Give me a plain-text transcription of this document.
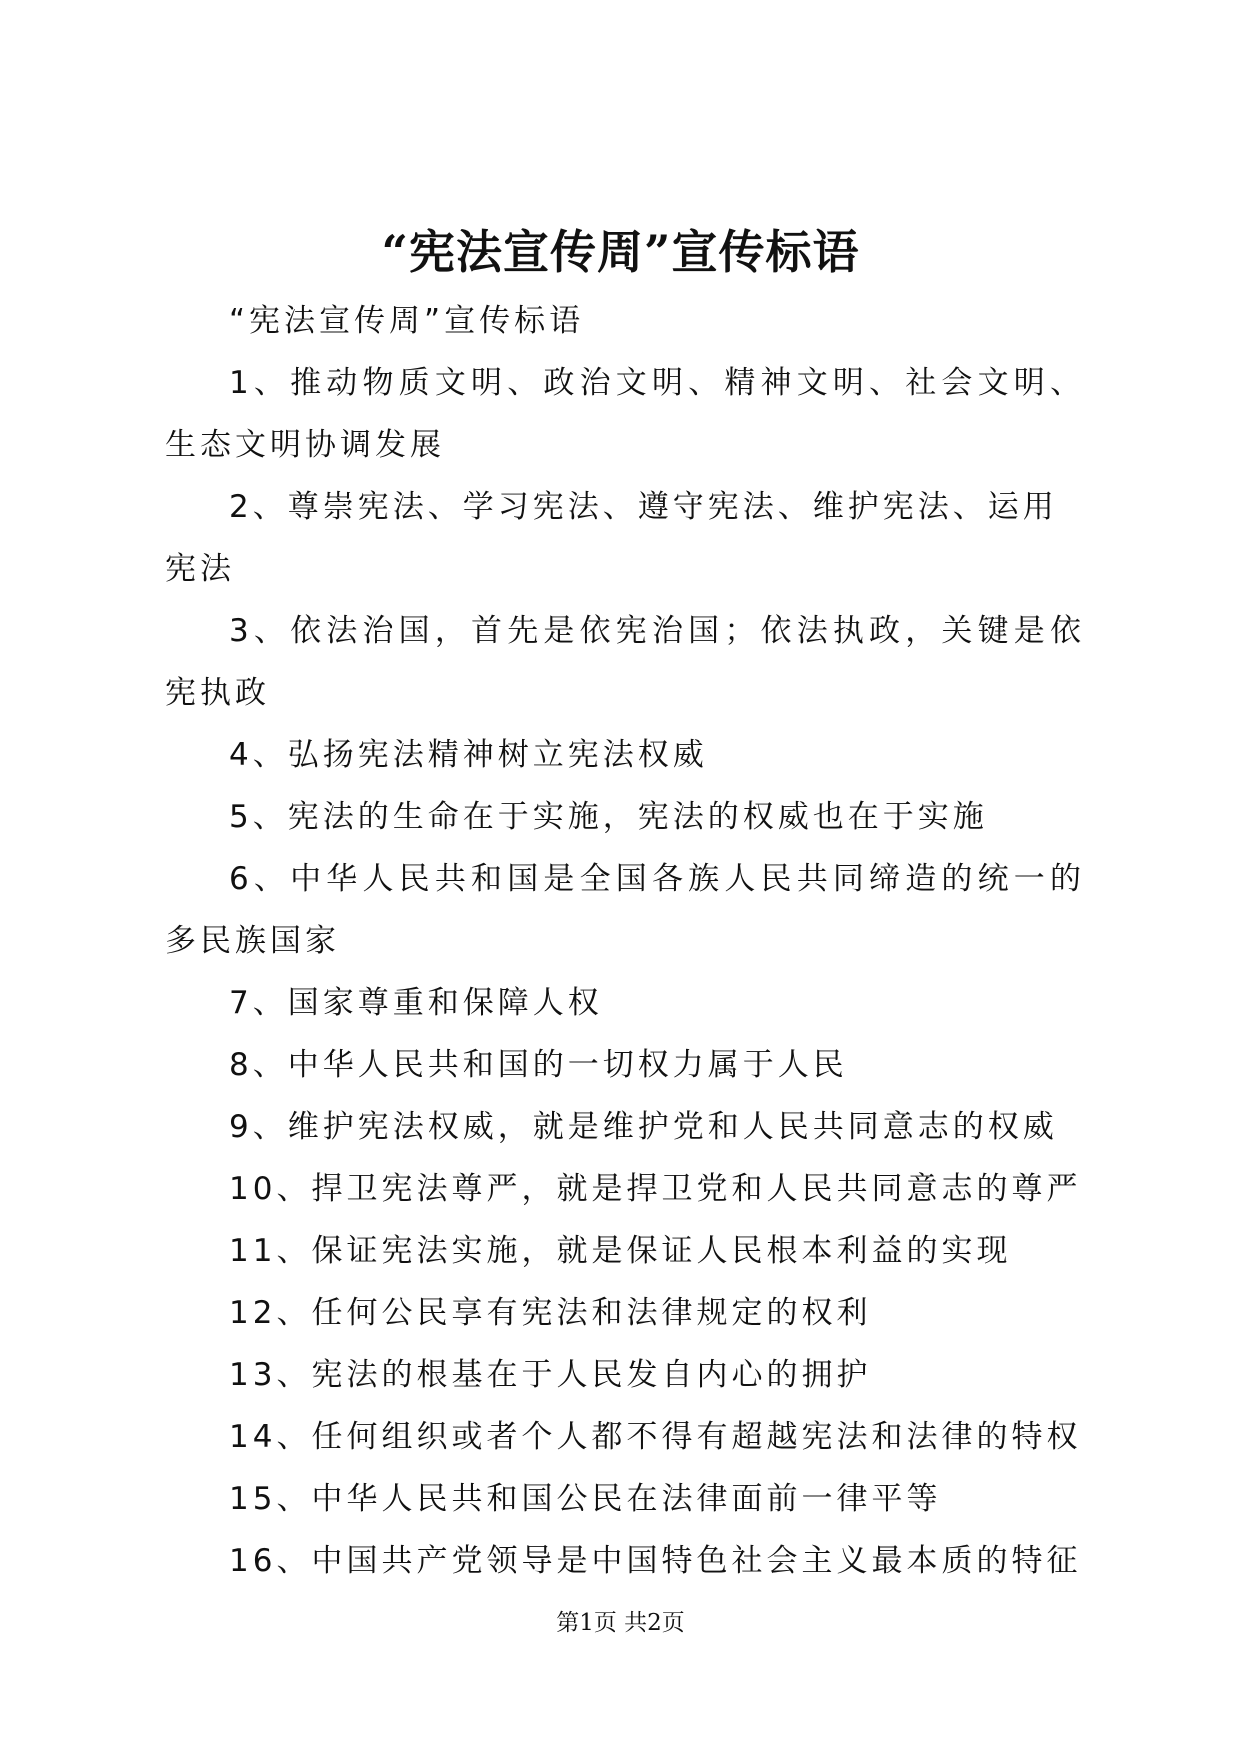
“宪法宣传周”宣传标语

“宪法宣传周”宣传标语

1、推动物质文明、政治文明、精神文明、社会文明、生态文明协调发展

2、尊崇宪法、学习宪法、遵守宪法、维护宪法、运用宪法

3、依法治国，首先是依宪治国；依法执政，关键是依宪执政

4、弘扬宪法精神树立宪法权威

5、宪法的生命在于实施，宪法的权威也在于实施

6、中华人民共和国是全国各族人民共同缔造的统一的多民族国家

7、国家尊重和保障人权

8、中华人民共和国的一切权力属于人民

9、维护宪法权威，就是维护党和人民共同意志的权威

10、捍卫宪法尊严，就是捍卫党和人民共同意志的尊严

11、保证宪法实施，就是保证人民根本利益的实现

12、任何公民享有宪法和法律规定的权利

13、宪法的根基在于人民发自内心的拥护

14、任何组织或者个人都不得有超越宪法和法律的特权

15、中华人民共和国公民在法律面前一律平等

16、中国共产党领导是中国特色社会主义最本质的特征

第1页 共2页
